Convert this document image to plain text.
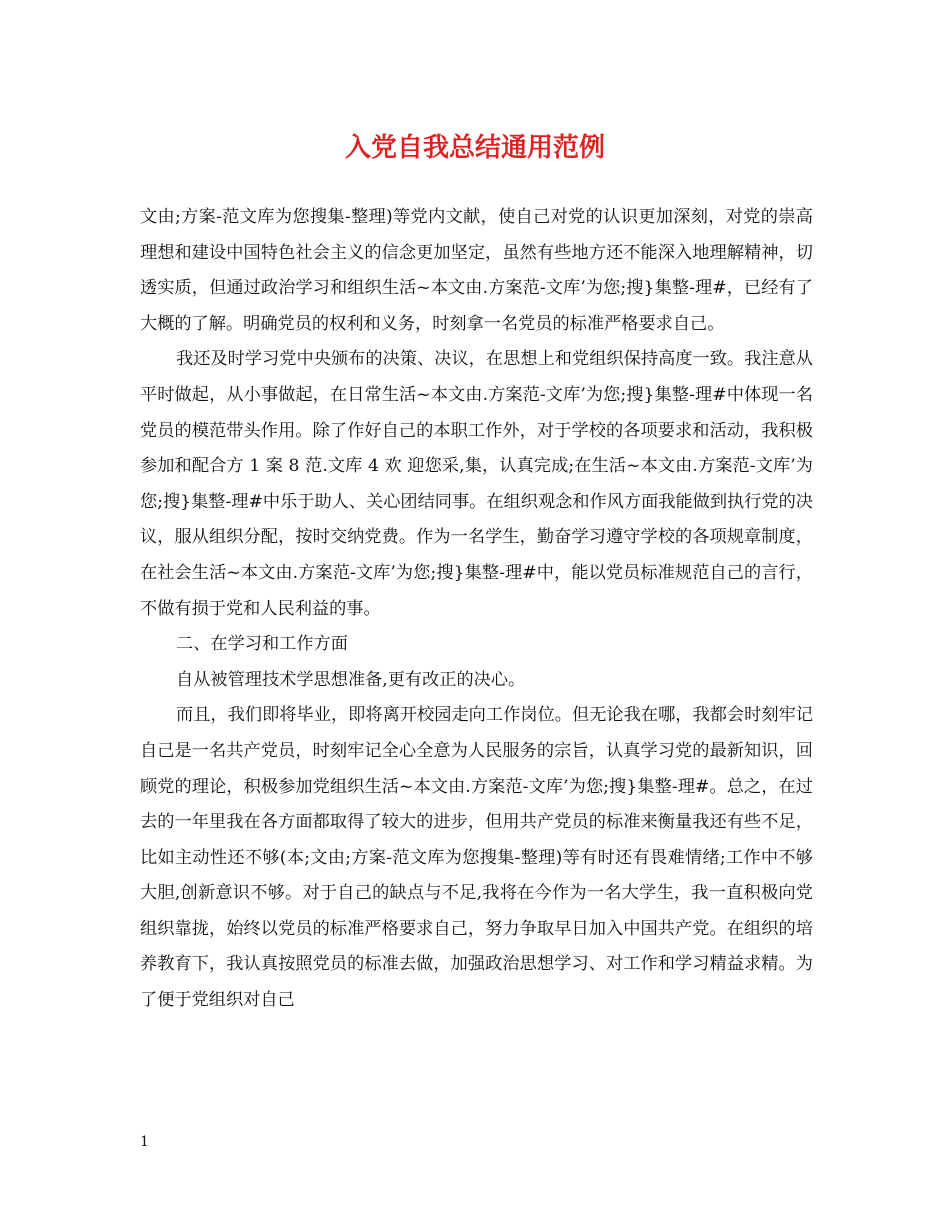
入党自我总结通用范例

文由;方案-范文库为您搜集-整理)等党内文献，使自己对党的认识更加深刻，对党的崇高理想和建设中国特色社会主义的信念更加坚定，虽然有些地方还不能深入地理解精神，切透实质，但通过政治学习和组织生活~本文由.方案范-文库’为您;搜}集整-理#，已经有了大概的了解。明确党员的权利和义务，时刻拿一名党员的标准严格要求自己。

我还及时学习党中央颁布的决策、决议，在思想上和党组织保持高度一致。我注意从平时做起，从小事做起，在日常生活~本文由.方案范-文库’为您;搜}集整-理#中体现一名党员的模范带头作用。除了作好自己的本职工作外，对于学校的各项要求和活动，我积极参加和配合方 1 案 8 范.文库 4 欢 迎您采,集，认真完成;在生活~本文由.方案范-文库’为您;搜}集整-理#中乐于助人、关心团结同事。在组织观念和作风方面我能做到执行党的决议，服从组织分配，按时交纳党费。作为一名学生，勤奋学习遵守学校的各项规章制度，在社会生活~本文由.方案范-文库’为您;搜}集整-理#中，能以党员标准规范自己的言行，不做有损于党和人民利益的事。

二、在学习和工作方面

自从被管理技术学思想准备,更有改正的决心。

而且，我们即将毕业，即将离开校园走向工作岗位。但无论我在哪，我都会时刻牢记自己是一名共产党员，时刻牢记全心全意为人民服务的宗旨，认真学习党的最新知识，回顾党的理论，积极参加党组织生活~本文由.方案范-文库’为您;搜}集整-理#。总之，在过去的一年里我在各方面都取得了较大的进步，但用共产党员的标准来衡量我还有些不足，比如主动性还不够(本;文由;方案-范文库为您搜集-整理)等有时还有畏难情绪;工作中不够大胆,创新意识不够。对于自己的缺点与不足,我将在今作为一名大学生，我一直积极向党组织靠拢，始终以党员的标准严格要求自己，努力争取早日加入中国共产党。在组织的培养教育下，我认真按照党员的标准去做，加强政治思想学习、对工作和学习精益求精。为了便于党组织对自己

1
